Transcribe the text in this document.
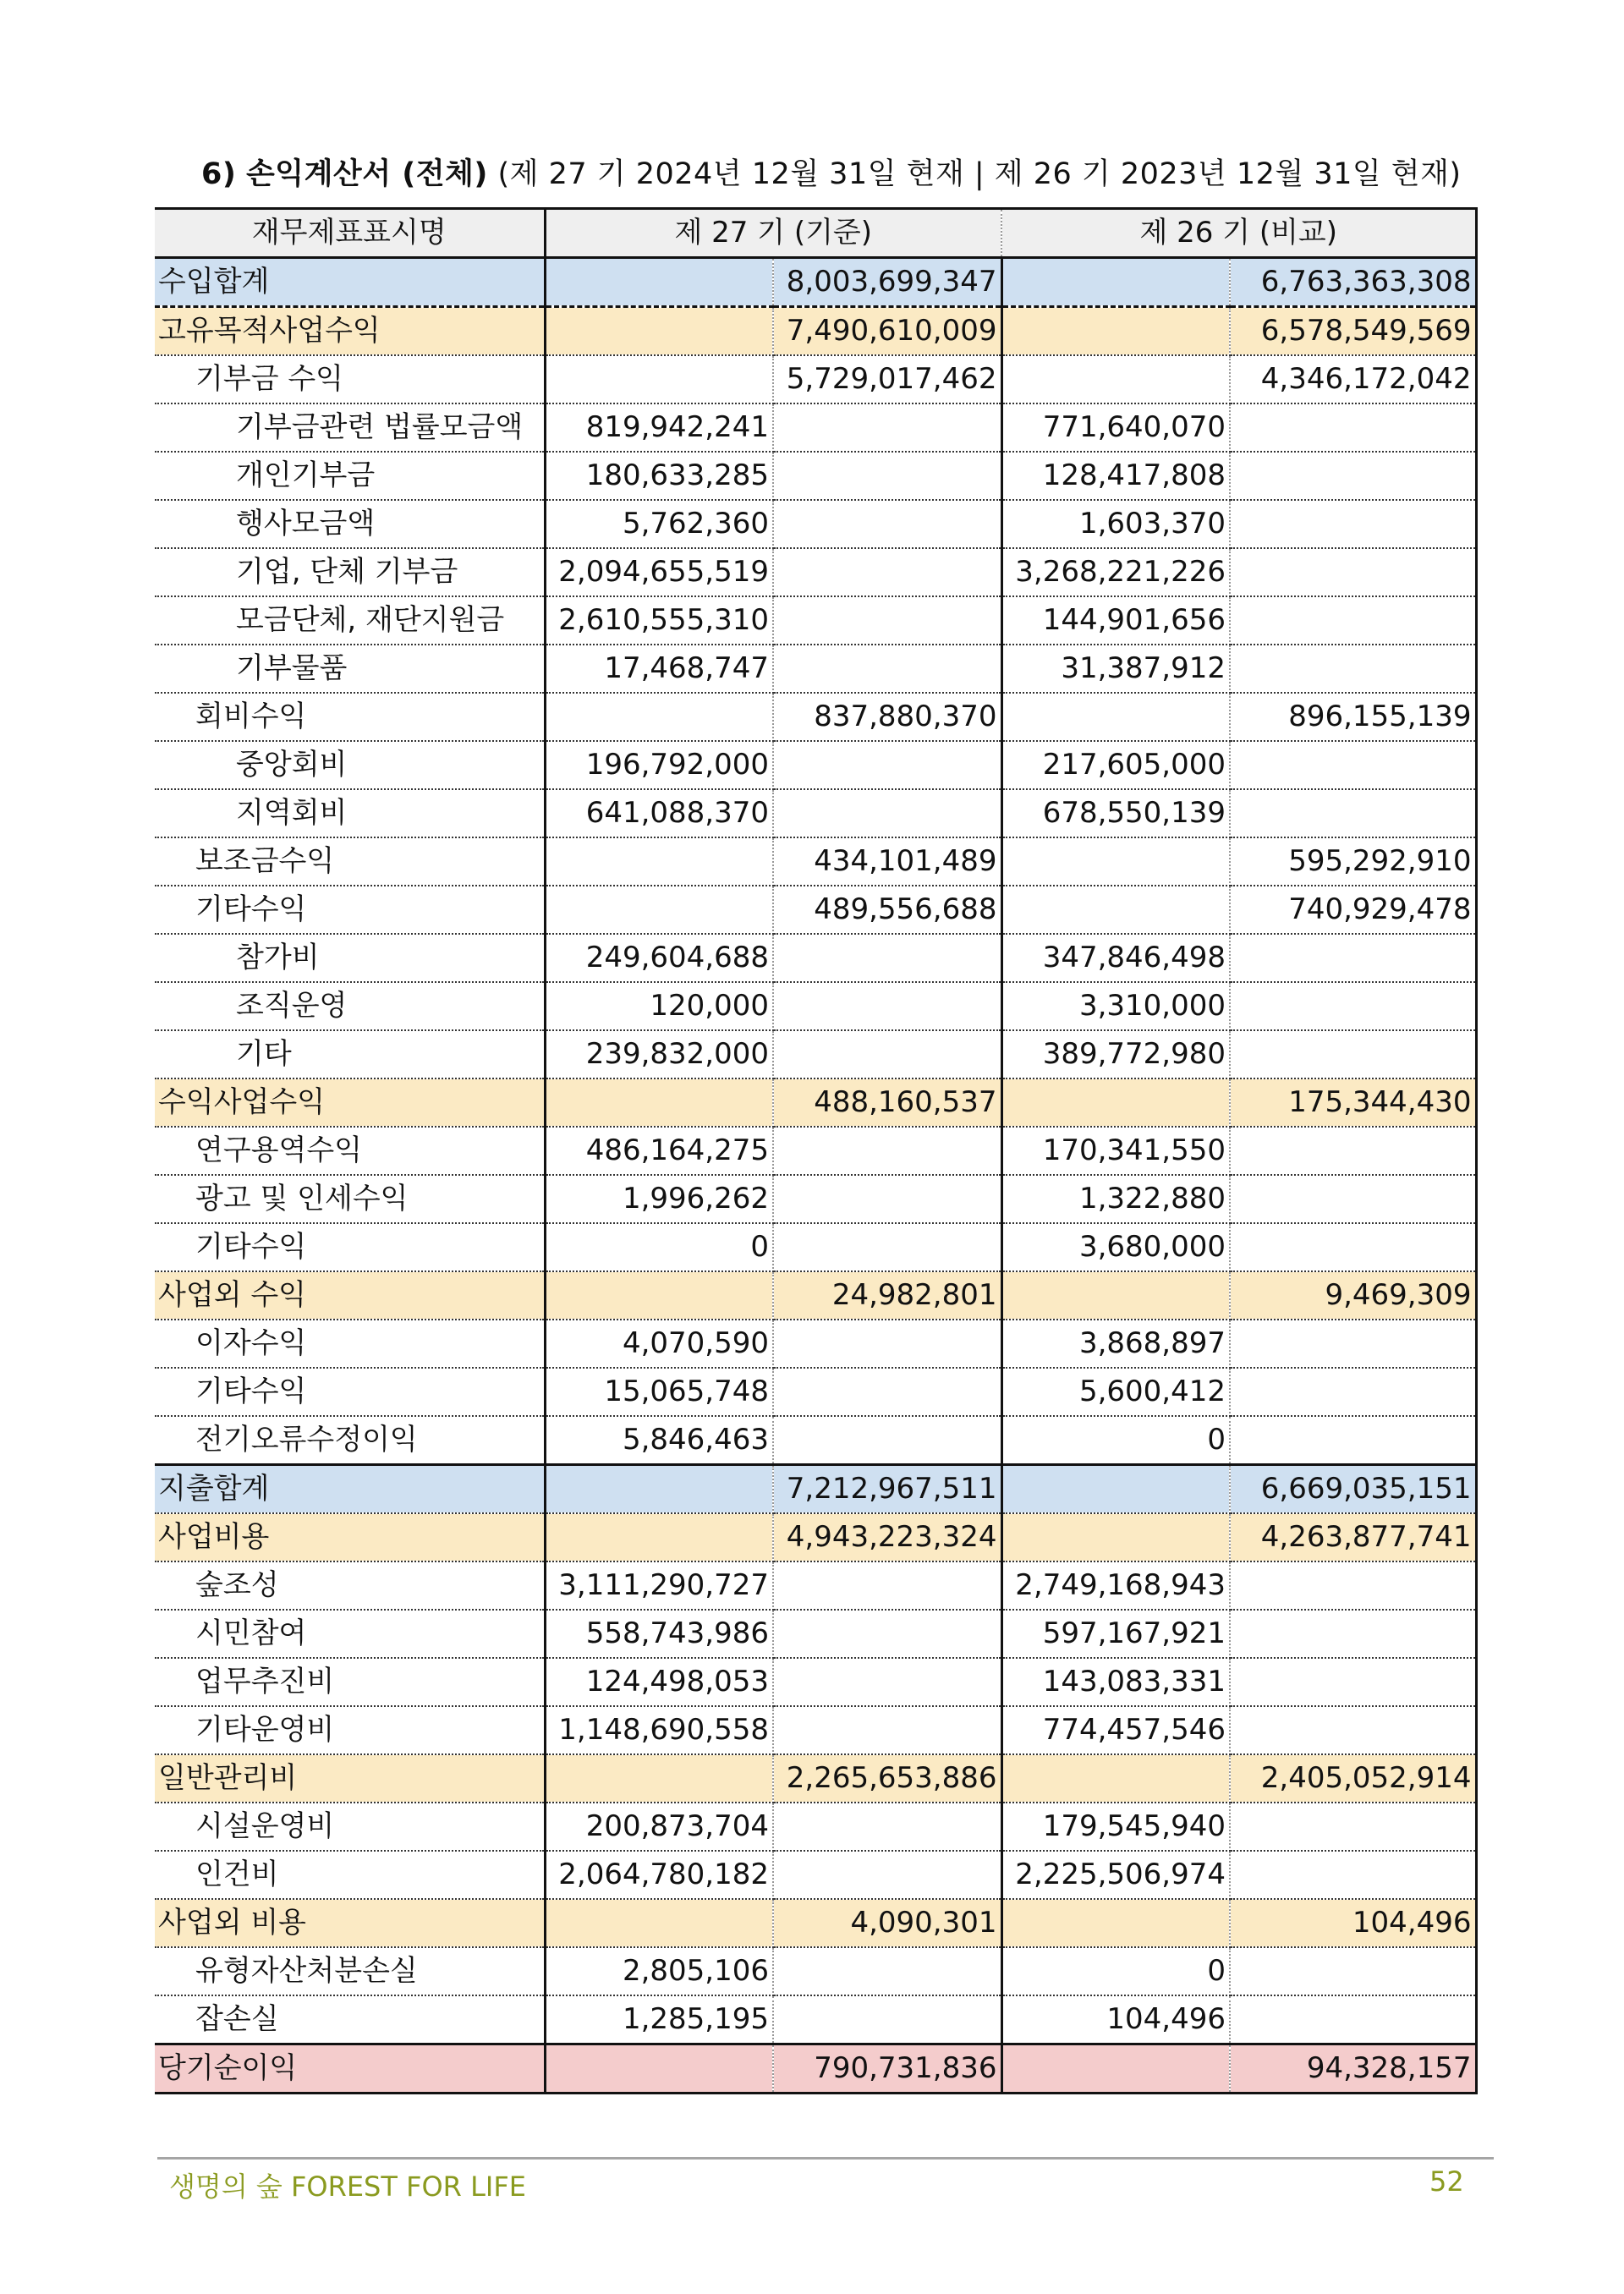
6) 손익계산서 (전체) (제 27 기 2024년 12월 31일 현재 | 제 26 기 2023년 12월 31일 현재)
재무제표표시명	제 27 기 (기준)		제 26 기 (비교)	
수입합계		8,003,699,347		6,763,363,308
고유목적사업수익		7,490,610,009		6,578,549,569
기부금 수익		5,729,017,462		4,346,172,042
기부금관련 법률모금액	819,942,241		771,640,070	
개인기부금	180,633,285		128,417,808	
행사모금액	5,762,360		1,603,370	
기업, 단체 기부금	2,094,655,519		3,268,221,226	
모금단체, 재단지원금	2,610,555,310		144,901,656	
기부물품	17,468,747		31,387,912	
회비수익		837,880,370		896,155,139
중앙회비	196,792,000		217,605,000	
지역회비	641,088,370		678,550,139	
보조금수익		434,101,489		595,292,910
기타수익		489,556,688		740,929,478
참가비	249,604,688		347,846,498	
조직운영	120,000		3,310,000	
기타	239,832,000		389,772,980	
수익사업수익		488,160,537		175,344,430
연구용역수익	486,164,275		170,341,550	
광고 및 인세수익	1,996,262		1,322,880	
기타수익	0		3,680,000	
사업외 수익		24,982,801		9,469,309
이자수익	4,070,590		3,868,897	
기타수익	15,065,748		5,600,412	
전기오류수정이익	5,846,463		0	
지출합계		7,212,967,511		6,669,035,151
사업비용		4,943,223,324		4,263,877,741
숲조성	3,111,290,727		2,749,168,943	
시민참여	558,743,986		597,167,921	
업무추진비	124,498,053		143,083,331	
기타운영비	1,148,690,558		774,457,546	
일반관리비		2,265,653,886		2,405,052,914
시설운영비	200,873,704		179,545,940	
인건비	2,064,780,182		2,225,506,974	
사업외 비용		4,090,301		104,496
유형자산처분손실	2,805,106		0	
잡손실	1,285,195		104,496	
당기순이익		790,731,836		94,328,157
생명의 숲 FOREST FOR LIFE	52
